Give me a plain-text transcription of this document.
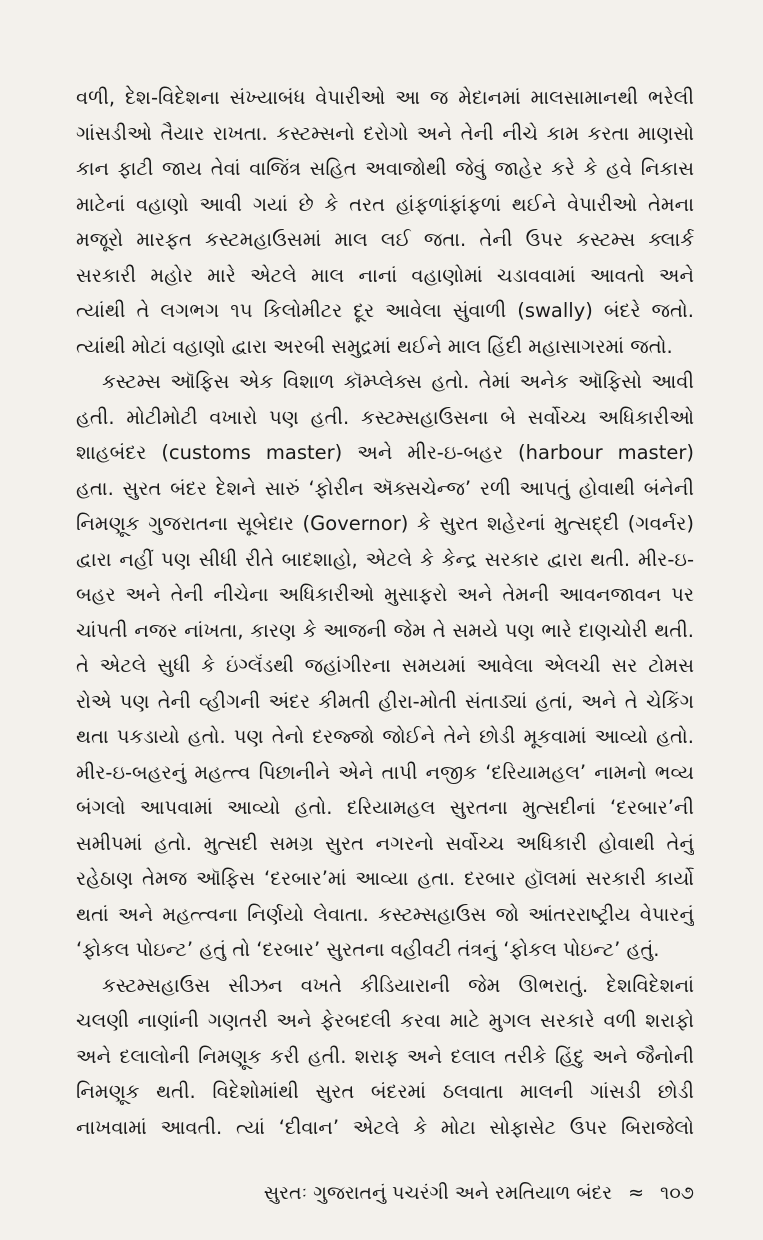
વળી, દેશ-વિદેશના સંખ્યાબંધ વેપારીઓ આ જ મેદાનમાં માલસામાનથી ભરેલી
ગાંસડીઓ તૈયાર રાખતા. કસ્ટમ્સનો દરોગો અને તેની નીચે કામ કરતા માણસો
કાન ફાટી જાય તેવાં વાજિંત્ર સહિત અવાજોથી જેવું જાહેર કરે કે હવે નિકાસ
માટેનાં વહાણો આવી ગયાં છે કે તરત હાંફળાંફાંફળાં થઈને વેપારીઓ તેમના
મજૂરો મારફત કસ્ટમહાઉસમાં માલ લઈ જતા. તેની ઉપર કસ્ટમ્સ ક્લાર્ક
સરકારી મહોર મારે એટલે માલ નાનાં વહાણોમાં ચડાવવામાં આવતો અને
ત્યાંથી તે લગભગ ૧૫ કિલોમીટર દૂર આવેલા સુંવાળી (swally) બંદરે જતો.
ત્યાંથી મોટાં વહાણો દ્વારા અરબી સમુદ્રમાં થઈને માલ હિંદી મહાસાગરમાં જતો.
કસ્ટમ્સ ઑફિસ એક વિશાળ કૉમ્પ્લેક્સ હતો. તેમાં અનેક ઑફિસો આવી
હતી. મોટીમોટી વખારો પણ હતી. કસ્ટમ્સહાઉસના બે સર્વોચ્ચ અધિકારીઓ
શાહબંદર (customs master) અને મીર-ઇ-બહર (harbour master)
હતા. સુરત બંદર દેશને સારું ‘ફોરીન ઍક્સચેન્જ’ રળી આપતું હોવાથી બંનેની
નિમણૂક ગુજરાતના સૂબેદાર (Governor) કે સુરત શહેરનાં મુત્સદ્દી (ગવર્નર)
દ્વારા નહીં પણ સીધી રીતે બાદશાહો, એટલે કે કેન્દ્ર સરકાર દ્વારા થતી. મીર-ઇ-
બહર અને તેની નીચેના અધિકારીઓ મુસાફરો અને તેમની આવનજાવન પર
ચાંપતી નજર નાંખતા, કારણ કે આજની જેમ તે સમયે પણ ભારે દાણચોરી થતી.
તે એટલે સુધી કે ઇંગ્લૅંડથી જહાંગીરના સમયમાં આવેલા એલચી સર ટોમસ
રોએ પણ તેની વ્હીગની અંદર કીમતી હીરા-મોતી સંતાડ્યાં હતાં, અને તે ચેકિંગ
થતા પકડાયો હતો. પણ તેનો દરજ્જો જોઈને તેને છોડી મૂકવામાં આવ્યો હતો.
મીર-ઇ-બહરનું મહત્ત્વ પિછાનીને એને તાપી નજીક ‘દરિયામહલ’ નામનો ભવ્ય
બંગલો આપવામાં આવ્યો હતો. દરિયામહલ સુરતના મુત્સદીનાં ‘દરબાર’ની
સમીપમાં હતો. મુત્સદી સમગ્ર સુરત નગરનો સર્વોચ્ચ અધિકારી હોવાથી તેનું
રહેઠાણ તેમજ ઑફિસ ‘દરબાર’માં આવ્યા હતા. દરબાર હૉલમાં સરકારી કાર્યો
થતાં અને મહત્ત્વના નિર્ણયો લેવાતા. કસ્ટમ્સહાઉસ જો આંતરરાષ્ટ્રીય વેપારનું
‘ફોકલ પોઇન્ટ’ હતું તો ‘દરબાર’ સુરતના વહીવટી તંત્રનું ‘ફોકલ પોઇન્ટ’ હતું.
કસ્ટમ્સહાઉસ સીઝન વખતે કીડિયારાની જેમ ઊભરાતું. દેશવિદેશનાં
ચલણી નાણાંની ગણતરી અને ફેરબદલી કરવા માટે મુગલ સરકારે વળી શરાફો
અને દલાલોની નિમણૂક કરી હતી. શરાફ અને દલાલ તરીકે હિંદુ અને જૈનોની
નિમણૂક થતી. વિદેશોમાંથી સુરત બંદરમાં ઠલવાતા માલની ગાંસડી છોડી
નાખવામાં આવતી. ત્યાં ‘દીવાન’ એટલે કે મોટા સોફાસેટ ઉપર બિરાજેલો
સુરતઃ ગુજરાતનું પચરંગી અને રમતિયાળ બંદર ≈ ૧૦૭
